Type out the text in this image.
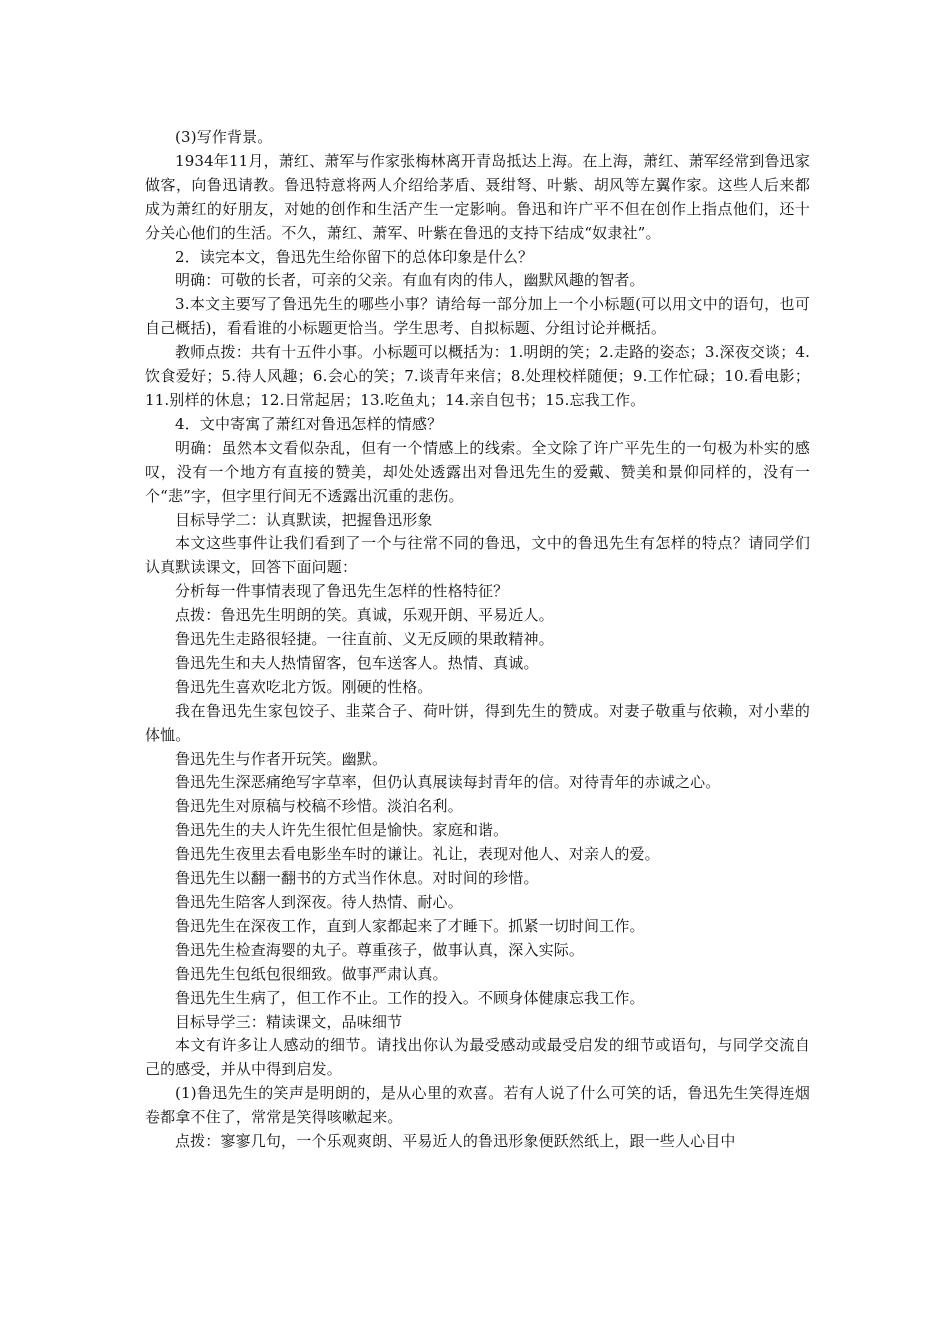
(3)写作背景。

1934年11月，萧红、萧军与作家张梅林离开青岛抵达上海。在上海，萧红、萧军经常到鲁迅家做客，向鲁迅请教。鲁迅特意将两人介绍给茅盾、聂绀弩、叶紫、胡风等左翼作家。这些人后来都成为萧红的好朋友，对她的创作和生活产生一定影响。鲁迅和许广平不但在创作上指点他们，还十分关心他们的生活。不久，萧红、萧军、叶紫在鲁迅的支持下结成“奴隶社”。

2．读完本文，鲁迅先生给你留下的总体印象是什么？

明确：可敬的长者，可亲的父亲。有血有肉的伟人，幽默风趣的智者。

3.本文主要写了鲁迅先生的哪些小事？请给每一部分加上一个小标题(可以用文中的语句，也可自己概括)，看看谁的小标题更恰当。学生思考、自拟标题、分组讨论并概括。

教师点拨：共有十五件小事。小标题可以概括为：1.明朗的笑；2.走路的姿态；3.深夜交谈；4.饮食爱好；5.待人风趣；6.会心的笑；7.谈青年来信；8.处理校样随便；9.工作忙碌；10.看电影；11.别样的休息；12.日常起居；13.吃鱼丸；14.亲自包书；15.忘我工作。

4．文中寄寓了萧红对鲁迅怎样的情感？

明确：虽然本文看似杂乱，但有一个情感上的线索。全文除了许广平先生的一句极为朴实的感叹，没有一个地方有直接的赞美，却处处透露出对鲁迅先生的爱戴、赞美和景仰同样的，没有一个“悲”字，但字里行间无不透露出沉重的悲伤。

目标导学二：认真默读，把握鲁迅形象

本文这些事件让我们看到了一个与往常不同的鲁迅，文中的鲁迅先生有怎样的特点？请同学们认真默读课文，回答下面问题：

分析每一件事情表现了鲁迅先生怎样的性格特征？

点拨：鲁迅先生明朗的笑。真诚，乐观开朗、平易近人。

鲁迅先生走路很轻捷。一往直前、义无反顾的果敢精神。

鲁迅先生和夫人热情留客，包车送客人。热情、真诚。

鲁迅先生喜欢吃北方饭。刚硬的性格。

我在鲁迅先生家包饺子、韭菜合子、荷叶饼，得到先生的赞成。对妻子敬重与依赖，对小辈的体恤。

鲁迅先生与作者开玩笑。幽默。

鲁迅先生深恶痛绝写字草率，但仍认真展读每封青年的信。对待青年的赤诚之心。

鲁迅先生对原稿与校稿不珍惜。淡泊名利。

鲁迅先生的夫人许先生很忙但是愉快。家庭和谐。

鲁迅先生夜里去看电影坐车时的谦让。礼让，表现对他人、对亲人的爱。

鲁迅先生以翻一翻书的方式当作休息。对时间的珍惜。

鲁迅先生陪客人到深夜。待人热情、耐心。

鲁迅先生在深夜工作，直到人家都起来了才睡下。抓紧一切时间工作。

鲁迅先生检查海婴的丸子。尊重孩子，做事认真，深入实际。

鲁迅先生包纸包很细致。做事严肃认真。

鲁迅先生生病了，但工作不止。工作的投入。不顾身体健康忘我工作。

目标导学三：精读课文，品味细节

本文有许多让人感动的细节。请找出你认为最受感动或最受启发的细节或语句，与同学交流自己的感受，并从中得到启发。

(1)鲁迅先生的笑声是明朗的，是从心里的欢喜。若有人说了什么可笑的话，鲁迅先生笑得连烟卷都拿不住了，常常是笑得咳嗽起来。

点拨：寥寥几句，一个乐观爽朗、平易近人的鲁迅形象便跃然纸上，跟一些人心目中
